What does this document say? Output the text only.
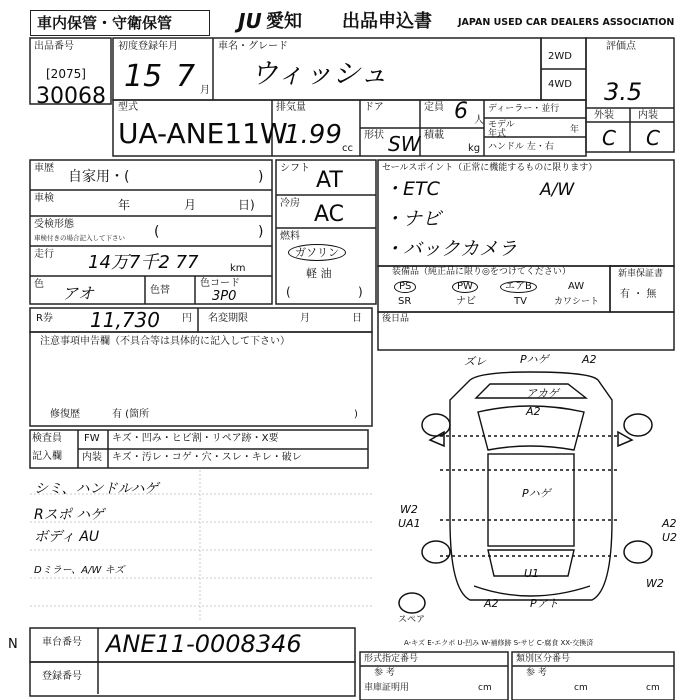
車内保管・守衛保管	JU 愛知 出品申込書	JAPAN USED CAR DEALERS ASSOCIATION
出品番号
[2075]
30068
初度登録年月
15 7 月
車名・グレード
ウィッシュ
2WD
4WD
評価点
3.5
外装 内装
C C
型式
UA-ANE11W
排気量
1.99 cc
ドア
形状 SW
定員 6 人
積載
kg
ディーラー・並行
モデル
年式	年
ハンドル 左・右
車歴
自家用・(	)
車検	年	月	日)
受検形態
車検付きの場合記入して下さい (	)
走行 14万7千2 77	km
色 アオ	色替
色コード
3P0
シフト AT
冷房 AC
燃料
ガソリン
軽 油
(	)
セールスポイント（正常に機能するものに限ります）
・ETC	A/W
・ナビ
・バックカメラ
装備品（純正品に限り◎をつけてください）
PS	PW	エアB	AW
SR	ナビ	TV	カワシート
新車保証書
有 ・ 無
R券 11,730 円 名変期限	月	日
注意事項申告欄（不具合等は具体的に記入して下さい）
修復歴	有 (箇所	)
後日品
検査員
記入欄
FW キズ・凹み・ヒビ割・リペア跡・X要
内装 キズ・汚レ・コゲ・穴・スレ・キレ・破レ
シミ、ハンドルハゲ
Rスポ ハゲ
ボディ AU
Dミラー、A/W キズ
ズレ	Pハゲ	A2
アカゲ
A2
Pハゲ
W2
UA1
U1
A2	Pアト
W2
A2
U2
スペア
A-キズ E-エクボ U-凹み W-補修跡 S-サビ C-腐食 XX-交換済
N 車台番号 ANE11-0008346
登録番号
形式指定番号
参 考
車庫証明用	cm
類別区分番号
参 考
cm	cm
